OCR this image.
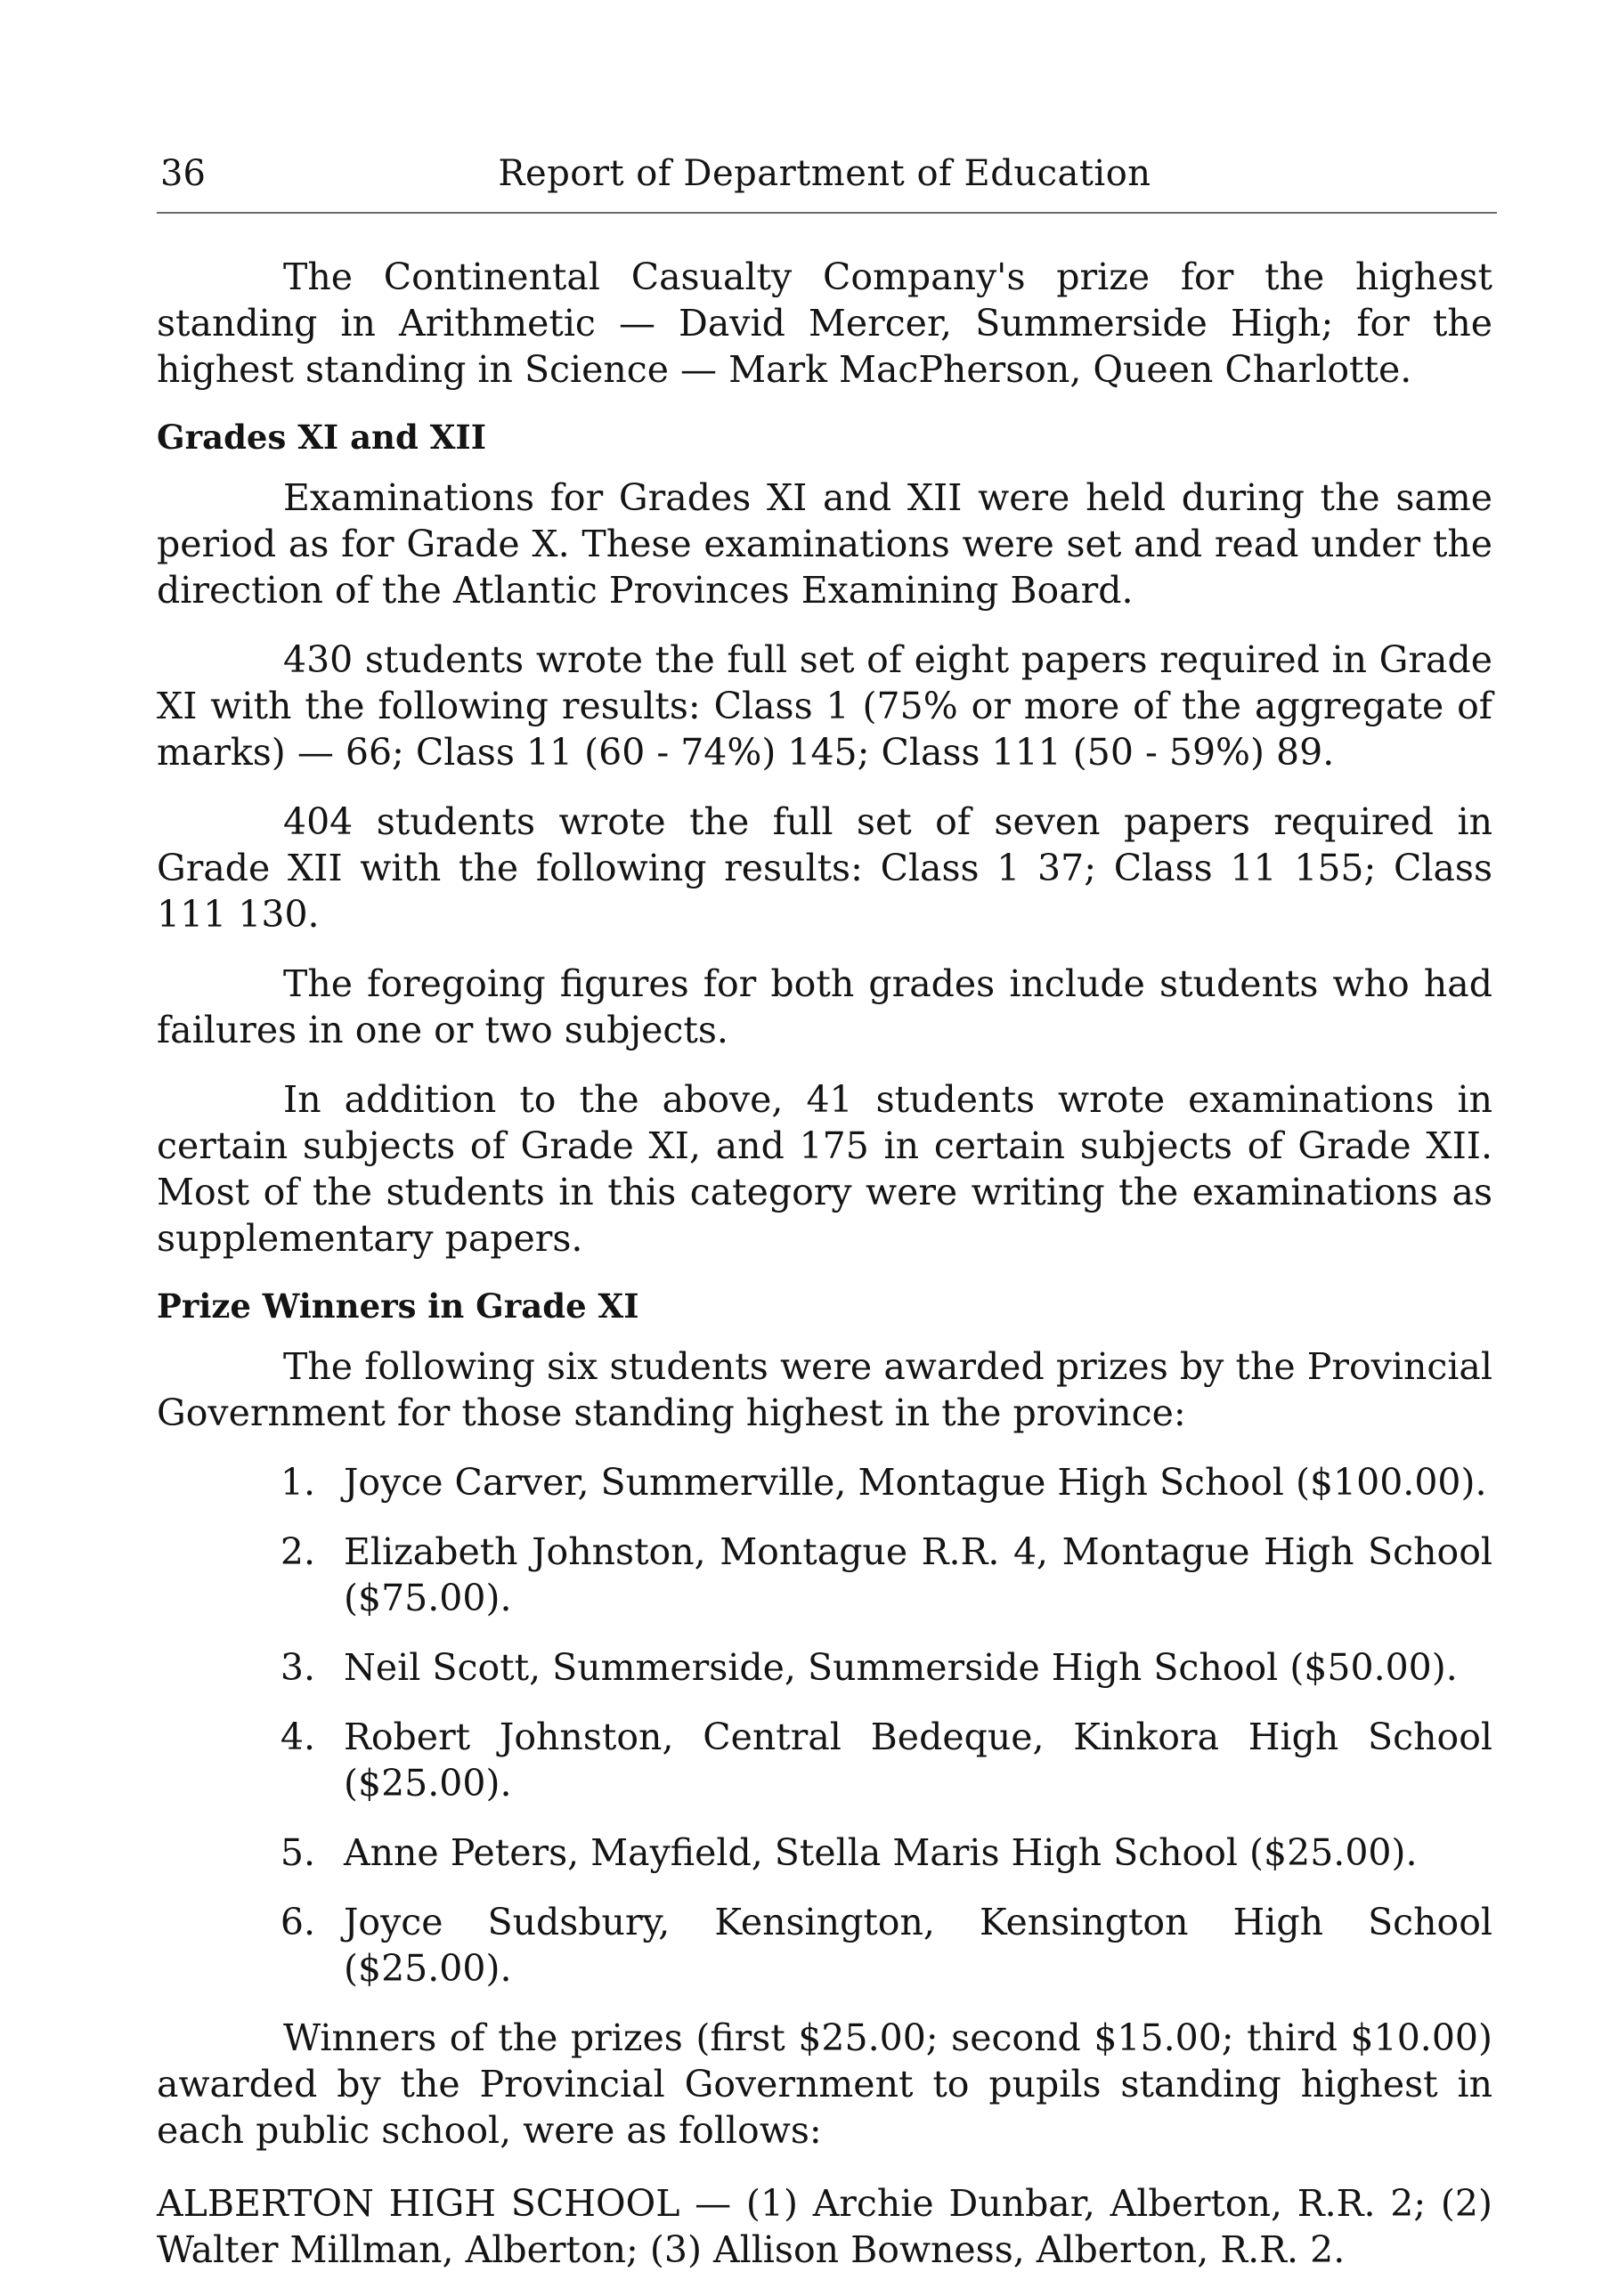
36	Report of Department of Education

The Continental Casualty Company's prize for the highest standing in Arithmetic — David Mercer, Summerside High; for the highest standing in Science — Mark MacPherson, Queen Charlotte.

Grades XI and XII

Examinations for Grades XI and XII were held during the same period as for Grade X. These examinations were set and read under the direction of the Atlantic Provinces Examining Board.

430 students wrote the full set of eight papers required in Grade XI with the following results: Class 1 (75% or more of the aggregate of marks) — 66; Class 11 (60 - 74%) 145; Class 111 (50 - 59%) 89.

404 students wrote the full set of seven papers required in Grade XII with the following results: Class 1 37; Class 11 155; Class 111 130.

The foregoing figures for both grades include students who had failures in one or two subjects.

In addition to the above, 41 students wrote examinations in certain subjects of Grade XI, and 175 in certain subjects of Grade XII. Most of the students in this category were writing the examinations as supplementary papers.

Prize Winners in Grade XI

The following six students were awarded prizes by the Provincial Government for those standing highest in the province:

1. Joyce Carver, Summerville, Montague High School ($100.00).
2. Elizabeth Johnston, Montague R.R. 4, Montague High School ($75.00).
3. Neil Scott, Summerside, Summerside High School ($50.00).
4. Robert Johnston, Central Bedeque, Kinkora High School ($25.00).
5. Anne Peters, Mayfield, Stella Maris High School ($25.00).
6. Joyce Sudsbury, Kensington, Kensington High School ($25.00).

Winners of the prizes (first $25.00; second $15.00; third $10.00) awarded by the Provincial Government to pupils standing highest in each public school, were as follows:

ALBERTON HIGH SCHOOL — (1) Archie Dunbar, Alberton, R.R. 2; (2) Walter Millman, Alberton; (3) Allison Bowness, Alberton, R.R. 2.
